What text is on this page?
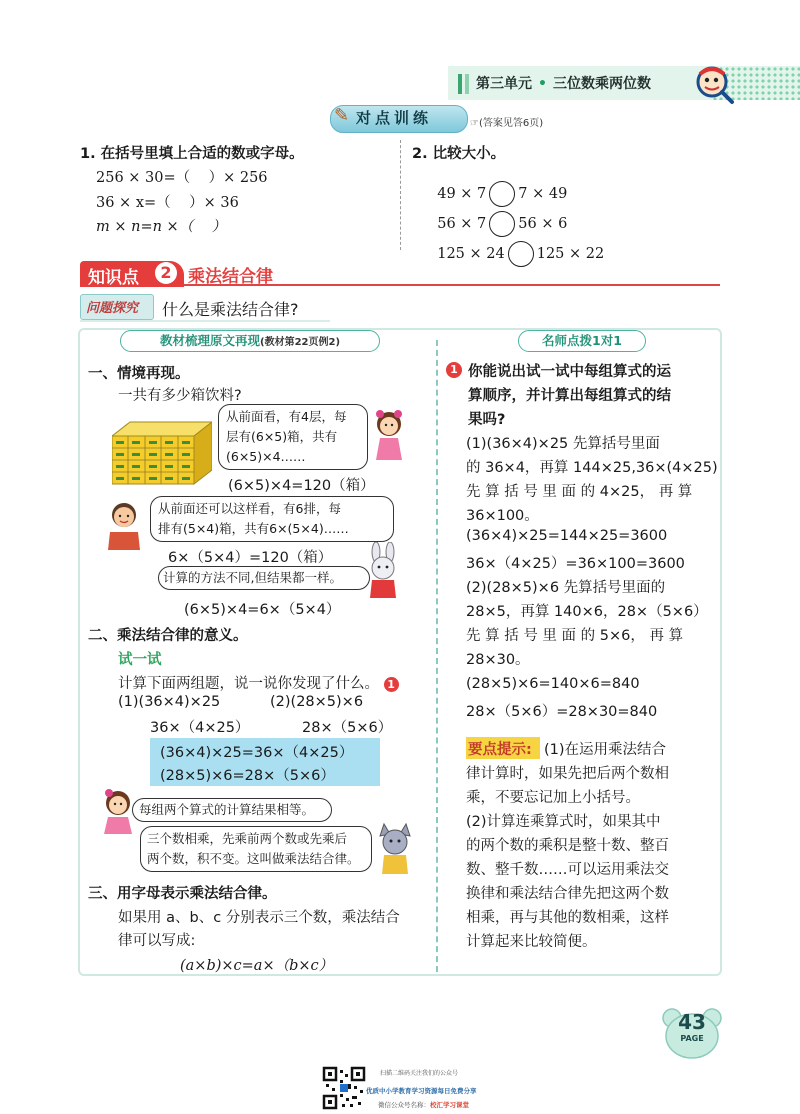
第三单元 • 三位数乘两位数
✎ 对点训练	☞(答案见答6页)
1. 在括号里填上合适的数或字母。
256 × 30=（    ）× 256
36 × x=（    ）× 36
m × n=n ×（    ）
2. 比较大小。

49 × 7 7 × 49

56 × 7 56 × 6

125 × 24 125 × 22

知识点	2 乘法结合律
问题探究 什么是乘法结合律?
教材梳理原文再现(教材第22页例2)
一、情境再现。
一共有多少箱饮料?
从前面看，有4层，每
层有(6×5)箱，共有
(6×5)×4……
(6×5)×4=120（箱）
从前面还可以这样看，有6排，每
排有(5×4)箱，共有6×(5×4)……
6×（5×4）=120（箱）
计算的方法不同,但结果都一样。
(6×5)×4=6×（5×4）
二、乘法结合律的意义。
试一试
计算下面两组题，说一说你发现了什么。 1
(1)(36×4)×25	(2)(28×5)×6
36×（4×25）	28×（5×6）
(36×4)×25=36×（4×25）
(28×5)×6=28×（5×6）
每组两个算式的计算结果相等。
三个数相乘，先乘前两个数或先乘后
两个数，积不变。这叫做乘法结合律。
三、用字母表示乘法结合律。
如果用 a、b、c 分别表示三个数，乘法结合
律可以写成:
(a×b)×c=a×（b×c）
名师点拨1对1
1 你能说出试一试中每组算式的运
算顺序，并计算出每组算式的结
果吗?
(1)(36×4)×25 先算括号里面
的 36×4，再算 144×25,36×(4×25)
先 算 括 号 里 面 的 4×25， 再 算
36×100。
(36×4)×25=144×25=3600
36×（4×25）=36×100=3600
(2)(28×5)×6 先算括号里面的
28×5，再算 140×6，28×（5×6）
先 算 括 号 里 面 的 5×6， 再 算
28×30。
(28×5)×6=140×6=840
28×（5×6）=28×30=840
要点提示: (1)在运用乘法结合
律计算时，如果先把后两个数相
乘，不要忘记加上小括号。
(2)计算连乘算式时，如果其中
的两个数的乘积是整十数、整百
数、整千数……可以运用乘法交
换律和乘法结合律先把这两个数
相乘，再与其他的数相乘，这样
计算起来比较简便。
43
PAGE
扫描二维码关注我们的公众号
优质中小学教育学习资源每日免费分享
微信公众号名称：校汇学习课堂
